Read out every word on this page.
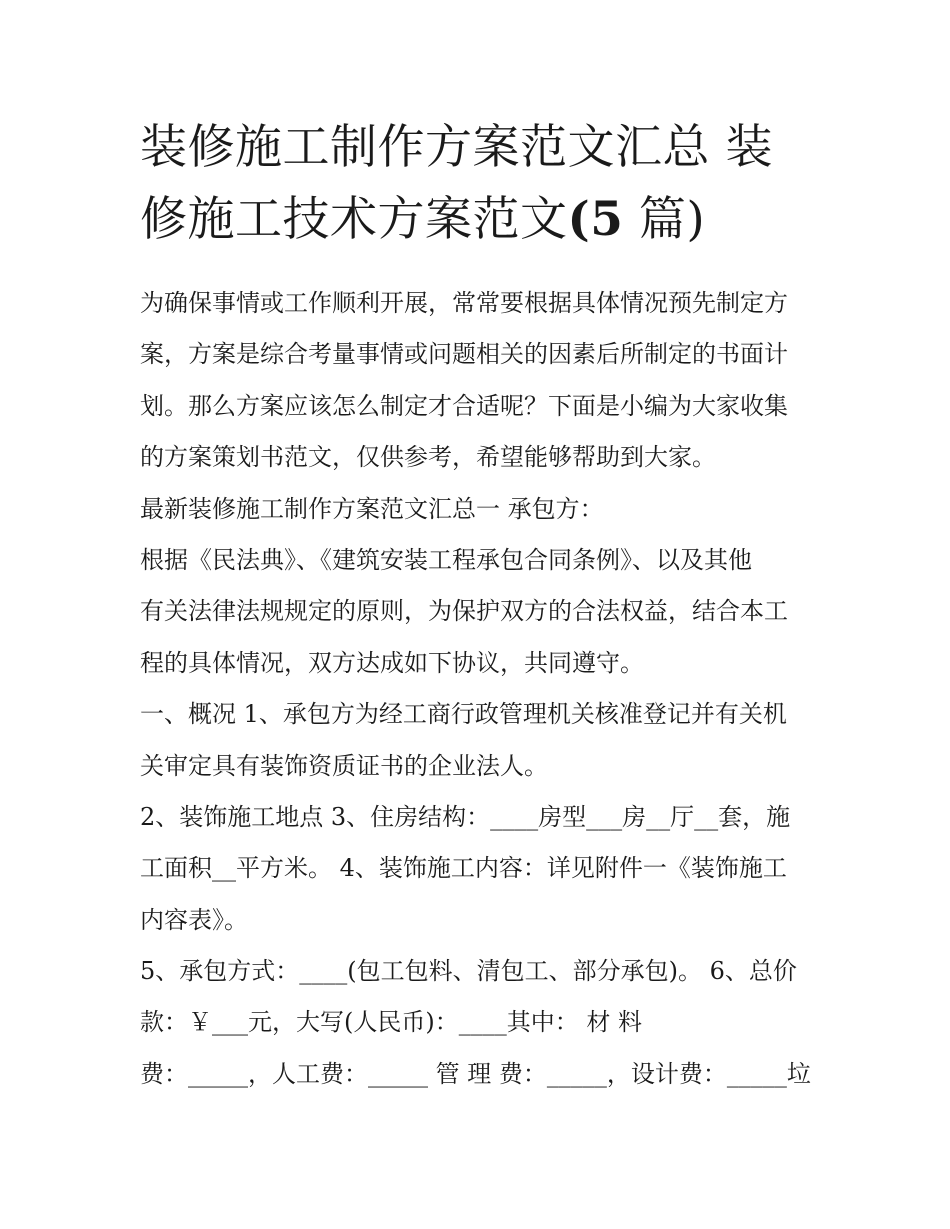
装修施工制作方案范文汇总 装
修施工技术方案范文(5 篇)
为确保事情或工作顺利开展，常常要根据具体情况预先制定方
案，方案是综合考量事情或问题相关的因素后所制定的书面计
划。那么方案应该怎么制定才合适呢？下面是小编为大家收集
的方案策划书范文，仅供参考，希望能够帮助到大家。
最新装修施工制作方案范文汇总一 承包方：
根据《民法典》、《建筑安装工程承包合同条例》、以及其他
有关法律法规规定的原则，为保护双方的合法权益，结合本工
程的具体情况，双方达成如下协议，共同遵守。
一、概况 1、承包方为经工商行政管理机关核准登记并有关机
关审定具有装饰资质证书的企业法人。
2、装饰施工地点 3、住房结构：____房型___房__厅__套，施
工面积__平方米。 4、装饰施工内容：详见附件一《装饰施工
内容表》。
5、承包方式：____(包工包料、清包工、部分承包)。 6、总价
款：￥___元，大写(人民币)：____其中： 材 料
费：_____，人工费：_____ 管 理 费：_____，设计费：_____垃
